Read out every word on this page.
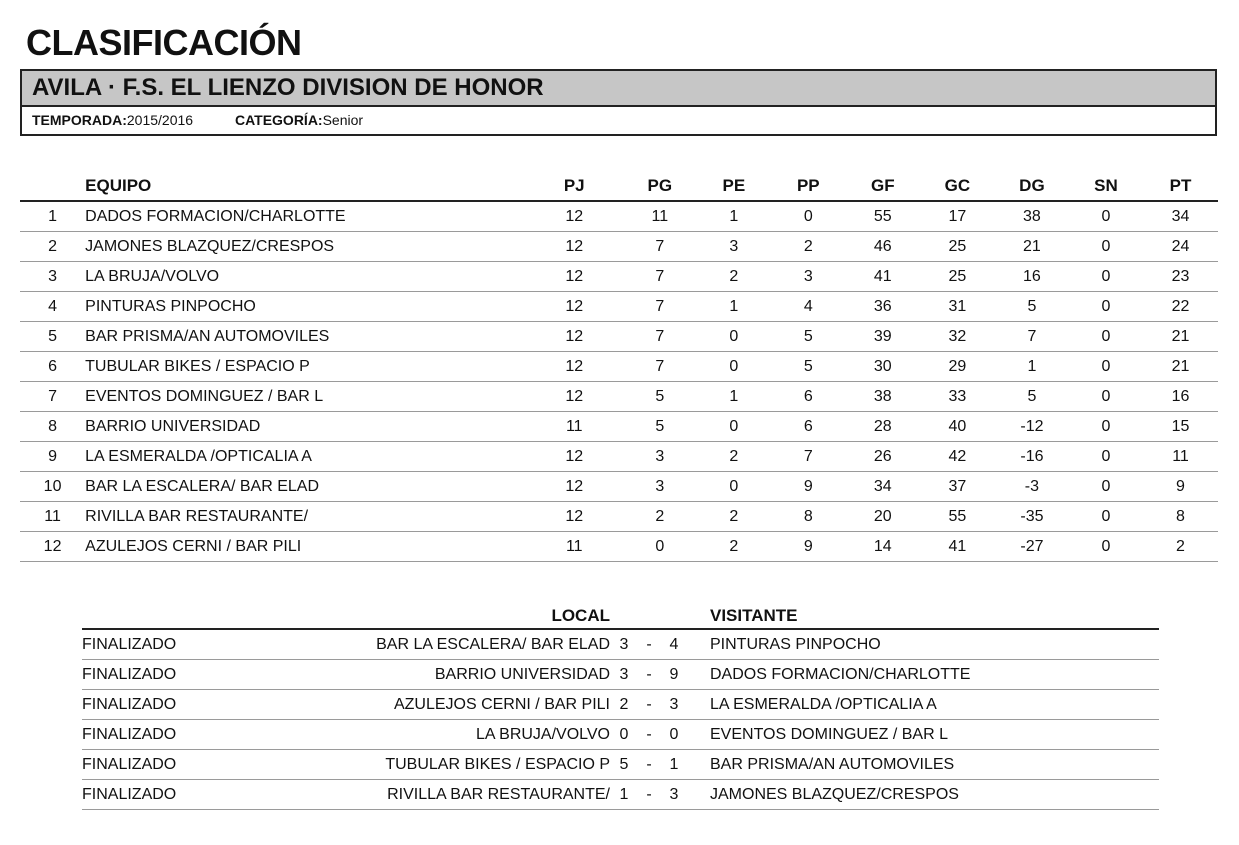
CLASIFICACIÓN
AVILA · F.S. EL LIENZO DIVISION DE HONOR
TEMPORADA:2015/2016	CATEGORÍA:Senior
	EQUIPO	PJ	PG	PE	PP	GF	GC	DG	SN	PT
1	DADOS FORMACION/CHARLOTTE	12	11	1	0	55	17	38	0	34
2	JAMONES BLAZQUEZ/CRESPOS	12	7	3	2	46	25	21	0	24
3	LA BRUJA/VOLVO	12	7	2	3	41	25	16	0	23
4	PINTURAS PINPOCHO	12	7	1	4	36	31	5	0	22
5	BAR PRISMA/AN AUTOMOVILES	12	7	0	5	39	32	7	0	21
6	TUBULAR BIKES / ESPACIO P	12	7	0	5	30	29	1	0	21
7	EVENTOS DOMINGUEZ / BAR L	12	5	1	6	38	33	5	0	16
8	BARRIO UNIVERSIDAD	11	5	0	6	28	40	-12	0	15
9	LA ESMERALDA /OPTICALIA A	12	3	2	7	26	42	-16	0	11
10	BAR LA ESCALERA/ BAR ELAD	12	3	0	9	34	37	-3	0	9
11	RIVILLA BAR RESTAURANTE/	12	2	2	8	20	55	-35	0	8
12	AZULEJOS CERNI / BAR PILI	11	0	2	9	14	41	-27	0	2
	LOCAL					VISITANTE
FINALIZADO	BAR LA ESCALERA/ BAR ELAD	3	-	4		PINTURAS PINPOCHO
FINALIZADO	BARRIO UNIVERSIDAD	3	-	9		DADOS FORMACION/CHARLOTTE
FINALIZADO	AZULEJOS CERNI / BAR PILI	2	-	3		LA ESMERALDA /OPTICALIA A
FINALIZADO	LA BRUJA/VOLVO	0	-	0		EVENTOS DOMINGUEZ / BAR L
FINALIZADO	TUBULAR BIKES / ESPACIO P	5	-	1		BAR PRISMA/AN AUTOMOVILES
FINALIZADO	RIVILLA BAR RESTAURANTE/	1	-	3		JAMONES BLAZQUEZ/CRESPOS
